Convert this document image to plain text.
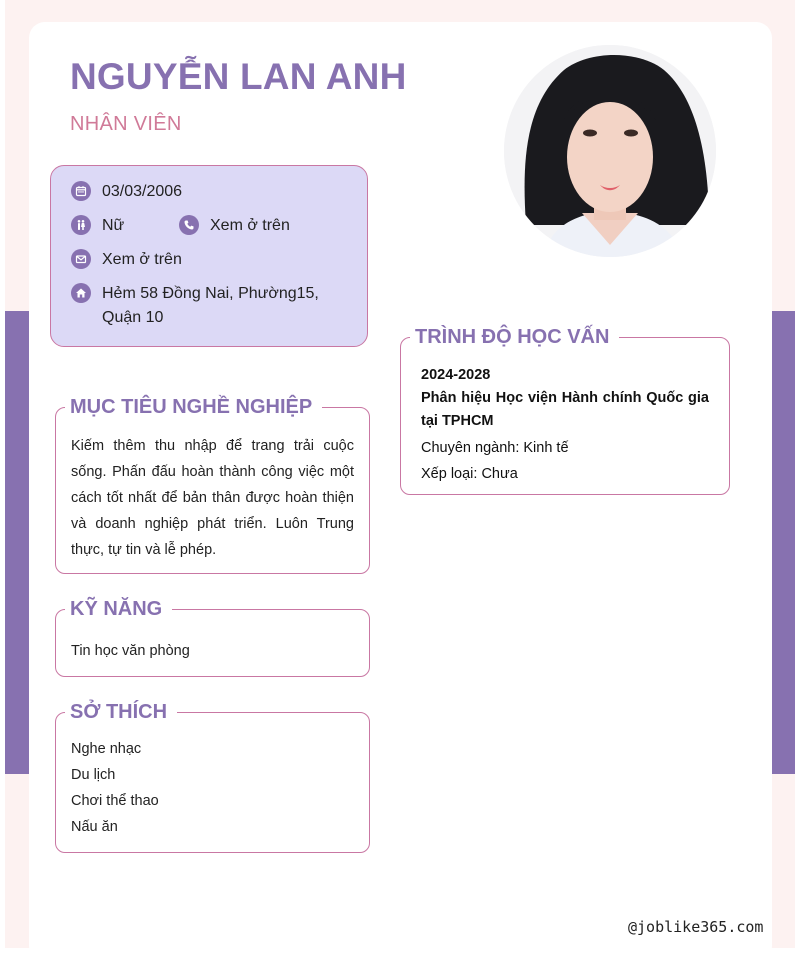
NGUYỄN LAN ANH
NHÂN VIÊN
03/03/2006
Nữ	Xem ở trên
Xem ở trên
Hẻm 58 Đồng Nai, Phường15, Quận 10
TRÌNH ĐỘ HỌC VẤN
2024-2028
Phân hiệu Học viện Hành chính Quốc gia tại TPHCM
Chuyên ngành: Kinh tế
Xếp loại: Chưa
MỤC TIÊU NGHỀ NGHIỆP
Kiếm thêm thu nhập để trang trải cuộc sống. Phấn đấu hoàn thành công việc một cách tốt nhất để bản thân được hoàn thiện và doanh nghiệp phát triển. Luôn Trung thực, tự tin và lễ phép.
KỸ NĂNG
Tin học văn phòng
SỞ THÍCH
Nghe nhạc
Du lịch
Chơi thể thao
Nấu ăn
@joblike365.com
